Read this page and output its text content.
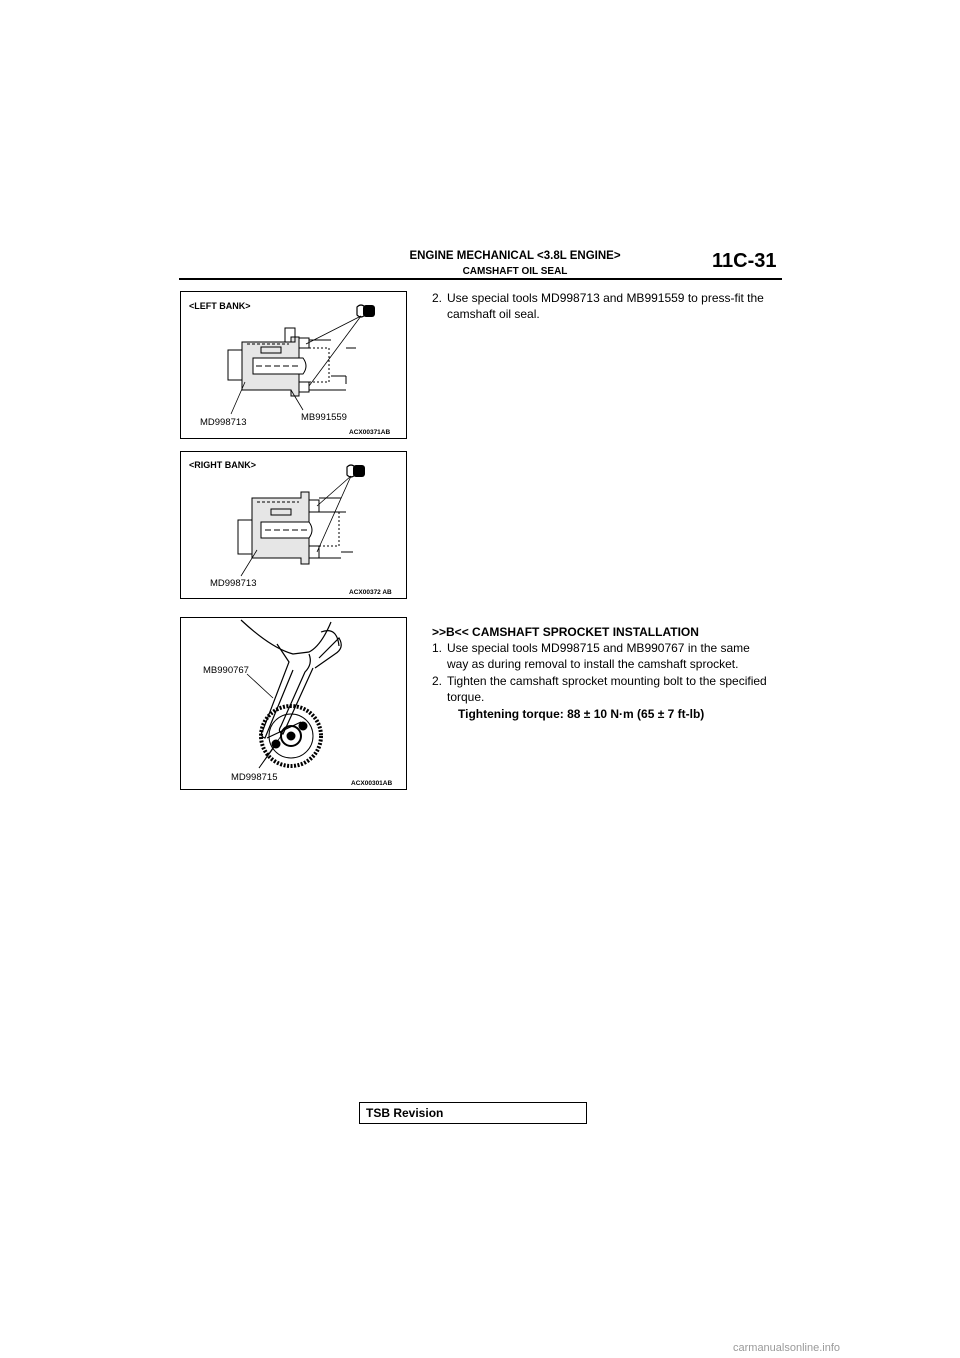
ENGINE MECHANICAL <3.8L ENGINE>
CAMSHAFT OIL SEAL	11C-31
<LEFT BANK>
MD998713	MB991559
ACX00371AB
<RIGHT BANK>
MD998713
ACX00372 AB
MB990767
MD998715
ACX00301AB
2. Use special tools MD998713 and MB991559 to press-fit the
camshaft oil seal.
>>B<< CAMSHAFT SPROCKET INSTALLATION
1. Use special tools MD998715 and MB990767 in the same
way as during removal to install the camshaft sprocket.
2. Tighten the camshaft sprocket mounting bolt to the specified
torque.
Tightening torque: 88 ± 10 N·m (65 ± 7 ft-lb)
TSB Revision
carmanualsonline.info
